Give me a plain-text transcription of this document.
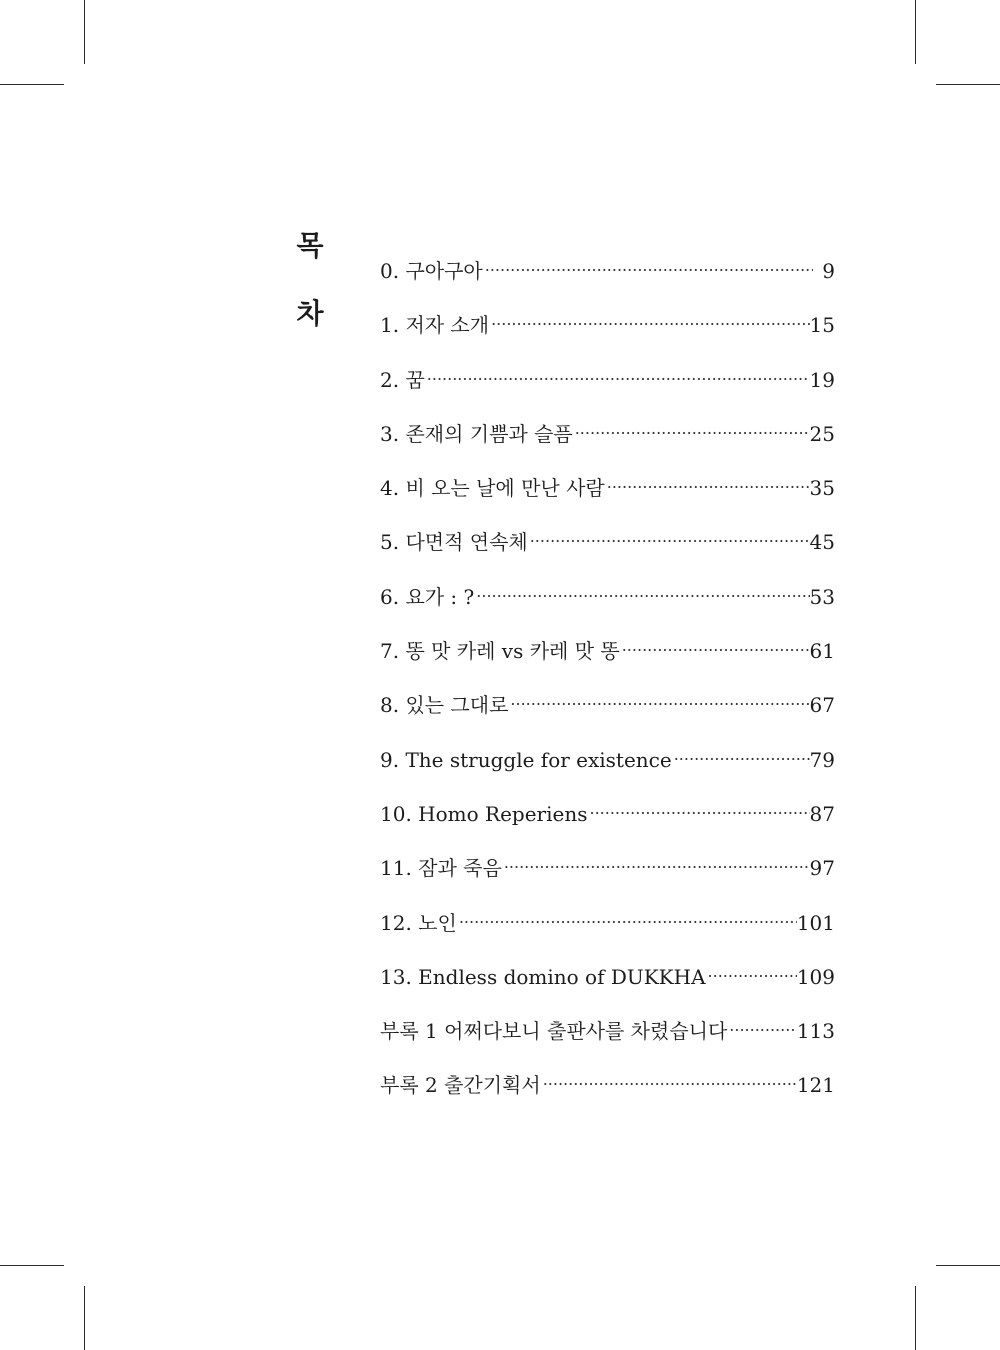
목
차
0. 구아구아 .....	9
1. 저자 소개 .....	15
2. 꿈 .....	19
3. 존재의 기쁨과 슬픔 .....	25
4. 비 오는 날에 만난 사람 .....	35
5. 다면적 연속체 .....	45
6. 요가 : ? .....	53
7. 똥 맛 카레 vs 카레 맛 똥 .....	61
8. 있는 그대로 .....	67
9. The struggle for existence .....	79
10. Homo Reperiens .....	87
11. 잠과 죽음 .....	97
12. 노인 .....	101
13. Endless domino of DUKKHA .....	109
부록 1 어쩌다보니 출판사를 차렸습니다 .....	113
부록 2 출간기획서 .....	121
